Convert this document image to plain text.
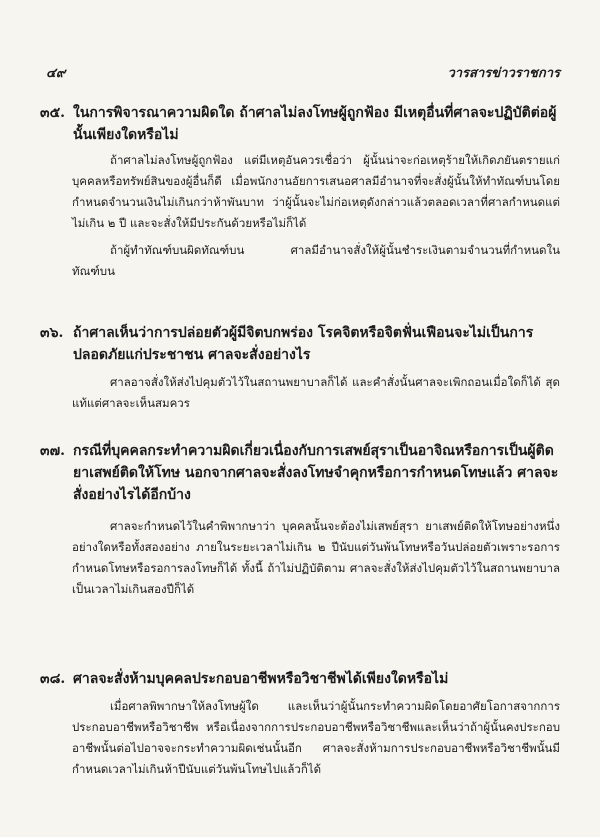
๔๙	วารสารข่าวราชการ
๓๕. ในการพิจารณาความผิดใด ถ้าศาลไม่ลงโทษผู้ถูกฟ้อง มีเหตุอื่นที่ศาลจะปฏิบัติต่อผู้นั้นเพียงใดหรือไม่

ถ้าศาลไม่ลงโทษผู้ถูกฟ้อง แต่มีเหตุอันควรเชื่อว่า ผู้นั้นน่าจะก่อเหตุร้ายให้เกิดภยันตรายแก่บุคคลหรือทรัพย์สินของผู้อื่นก็ดี เมื่อพนักงานอัยการเสนอศาลมีอำนาจที่จะสั่งผู้นั้นให้ทำทัณฑ์บนโดยกำหนดจำนวนเงินไม่เกินกว่าห้าพันบาท ว่าผู้นั้นจะไม่ก่อเหตุดังกล่าวแล้วตลอดเวลาที่ศาลกำหนดแต่ไม่เกิน ๒ ปี และจะสั่งให้มีประกันด้วยหรือไม่ก็ได้

ถ้าผู้ทำทัณฑ์บนผิดทัณฑ์บน ศาลมีอำนาจสั่งให้ผู้นั้นชำระเงินตามจำนวนที่กำหนดในทัณฑ์บน

๓๖. ถ้าศาลเห็นว่าการปล่อยตัวผู้มีจิตบกพร่อง โรคจิตหรือจิตฟั่นเฟือนจะไม่เป็นการปลอดภัยแก่ประชาชน ศาลจะสั่งอย่างไร

ศาลอาจสั่งให้ส่งไปคุมตัวไว้ในสถานพยาบาลก็ได้ และคำสั่งนั้นศาลจะเพิกถอนเมื่อใดก็ได้ สุดแท้แต่ศาลจะเห็นสมควร

๓๗. กรณีที่บุคคลกระทำความผิดเกี่ยวเนื่องกับการเสพย์สุราเป็นอาจิณหรือการเป็นผู้ติดยาเสพย์ติดให้โทษ นอกจากศาลจะสั่งลงโทษจำคุกหรือการกำหนดโทษแล้ว ศาลจะสั่งอย่างไรได้อีกบ้าง

ศาลจะกำหนดไว้ในคำพิพากษาว่า บุคคลนั้นจะต้องไม่เสพย์สุรา ยาเสพย์ติดให้โทษอย่างหนึ่งอย่างใดหรือทั้งสองอย่าง ภายในระยะเวลาไม่เกิน ๒ ปีนับแต่วันพ้นโทษหรือวันปล่อยตัวเพราะรอการกำหนดโทษหรือรอการลงโทษก็ได้ ทั้งนี้ ถ้าไม่ปฏิบัติตาม ศาลจะสั่งให้ส่งไปคุมตัวไว้ในสถานพยาบาลเป็นเวลาไม่เกินสองปีก็ได้

๓๘. ศาลจะสั่งห้ามบุคคลประกอบอาชีพหรือวิชาชีพได้เพียงใดหรือไม่

เมื่อศาลพิพากษาให้ลงโทษผู้ใด และเห็นว่าผู้นั้นกระทำความผิดโดยอาศัยโอกาสจากการประกอบอาชีพหรือวิชาชีพ หรือเนื่องจากการประกอบอาชีพหรือวิชาชีพและเห็นว่าถ้าผู้นั้นคงประกอบอาชีพนั้นต่อไปอาจจะกระทำความผิดเช่นนั้นอีก ศาลจะสั่งห้ามการประกอบอาชีพหรือวิชาชีพนั้นมีกำหนดเวลาไม่เกินห้าปีนับแต่วันพ้นโทษไปแล้วก็ได้
